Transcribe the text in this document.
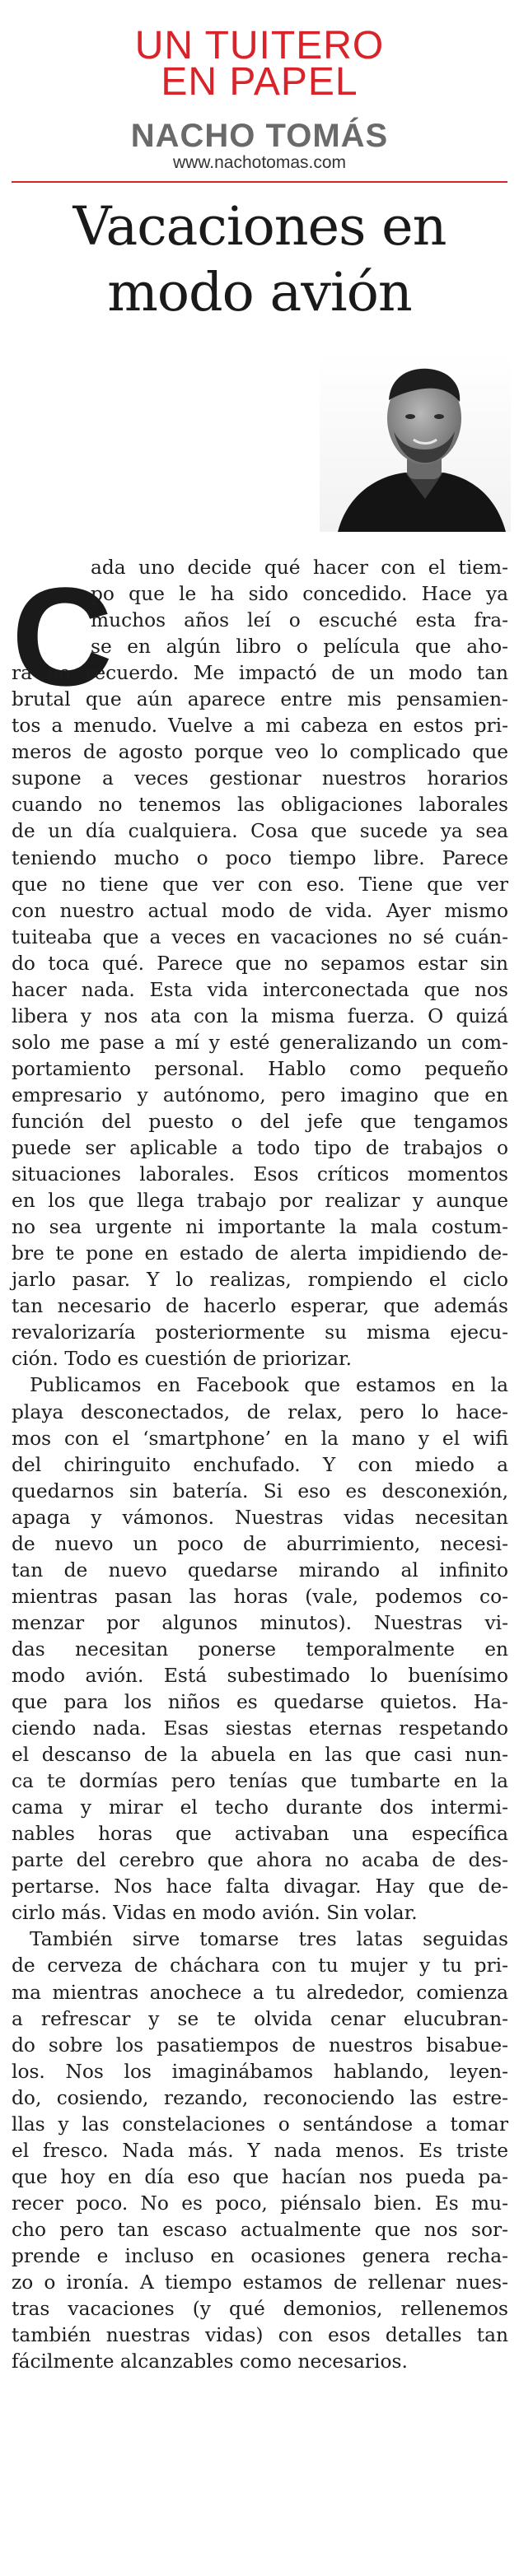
UN TUITERO
EN PAPEL
NACHO TOMÁS
www.nachotomas.com
Vacaciones en
modo avión
C
ada uno decide qué hacer con el tiem-
po que le ha sido concedido. Hace ya
muchos años leí o escuché esta fra-
se en algún libro o película que aho-
ra no recuerdo. Me impactó de un modo tan
brutal que aún aparece entre mis pensamien-
tos a menudo. Vuelve a mi cabeza en estos pri-
meros de agosto porque veo lo complicado que
supone a veces gestionar nuestros horarios
cuando no tenemos las obligaciones laborales
de un día cualquiera. Cosa que sucede ya sea
teniendo mucho o poco tiempo libre. Parece
que no tiene que ver con eso. Tiene que ver
con nuestro actual modo de vida. Ayer mismo
tuiteaba que a veces en vacaciones no sé cuán-
do toca qué. Parece que no sepamos estar sin
hacer nada. Esta vida interconectada que nos
libera y nos ata con la misma fuerza. O quizá
solo me pase a mí y esté generalizando un com-
portamiento personal. Hablo como pequeño
empresario y autónomo, pero imagino que en
función del puesto o del jefe que tengamos
puede ser aplicable a todo tipo de trabajos o
situaciones laborales. Esos críticos momentos
en los que llega trabajo por realizar y aunque
no sea urgente ni importante la mala costum-
bre te pone en estado de alerta impidiendo de-
jarlo pasar. Y lo realizas, rompiendo el ciclo
tan necesario de hacerlo esperar, que además
revalorizaría posteriormente su misma ejecu-
ción. Todo es cuestión de priorizar.
Publicamos en Facebook que estamos en la
playa desconectados, de relax, pero lo hace-
mos con el ‘smartphone’ en la mano y el wifi
del chiringuito enchufado. Y con miedo a
quedarnos sin batería. Si eso es desconexión,
apaga y vámonos. Nuestras vidas necesitan
de nuevo un poco de aburrimiento, necesi-
tan de nuevo quedarse mirando al infinito
mientras pasan las horas (vale, podemos co-
menzar por algunos minutos). Nuestras vi-
das necesitan ponerse temporalmente en
modo avión. Está subestimado lo buenísimo
que para los niños es quedarse quietos. Ha-
ciendo nada. Esas siestas eternas respetando
el descanso de la abuela en las que casi nun-
ca te dormías pero tenías que tumbarte en la
cama y mirar el techo durante dos intermi-
nables horas que activaban una específica
parte del cerebro que ahora no acaba de des-
pertarse. Nos hace falta divagar. Hay que de-
cirlo más. Vidas en modo avión. Sin volar.
También sirve tomarse tres latas seguidas
de cerveza de cháchara con tu mujer y tu pri-
ma mientras anochece a tu alrededor, comienza
a refrescar y se te olvida cenar elucubran-
do sobre los pasatiempos de nuestros bisabue-
los. Nos los imaginábamos hablando, leyen-
do, cosiendo, rezando, reconociendo las estre-
llas y las constelaciones o sentándose a tomar
el fresco. Nada más. Y nada menos. Es triste
que hoy en día eso que hacían nos pueda pa-
recer poco. No es poco, piénsalo bien. Es mu-
cho pero tan escaso actualmente que nos sor-
prende e incluso en ocasiones genera recha-
zo o ironía. A tiempo estamos de rellenar nues-
tras vacaciones (y qué demonios, rellenemos
también nuestras vidas) con esos detalles tan
fácilmente alcanzables como necesarios.
